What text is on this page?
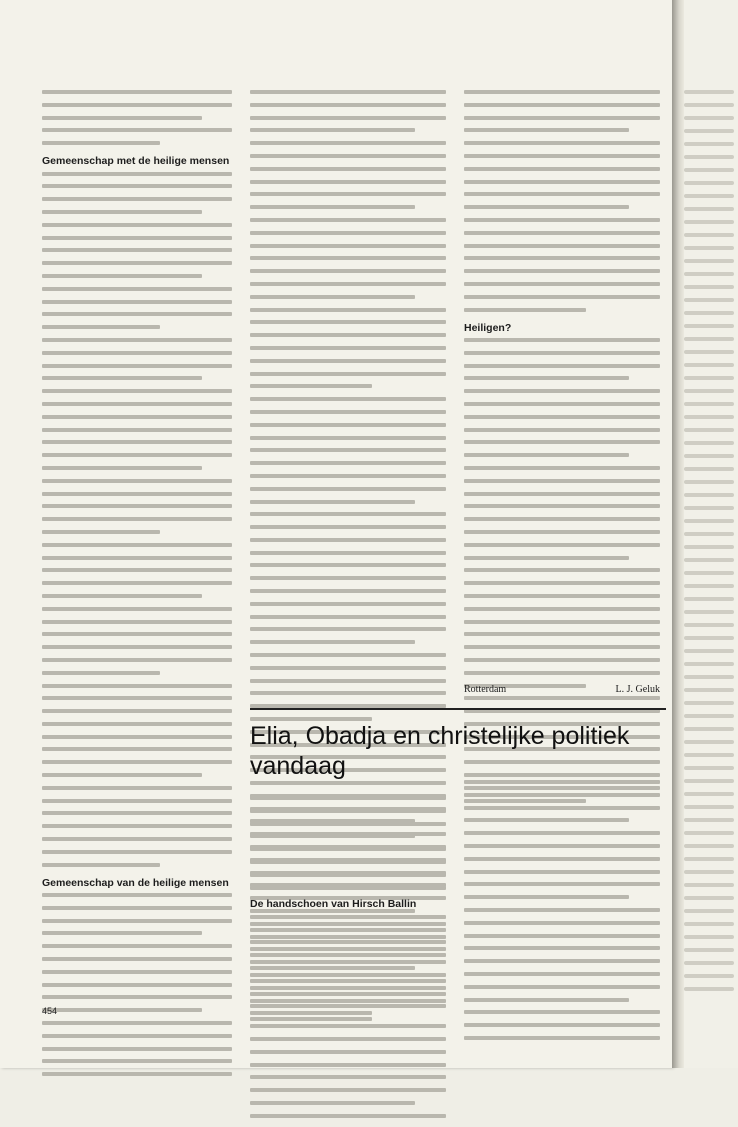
Gemeenschap met de heilige mensen
Gemeenschap van de heilige mensen
Heiligen?
Rotterdam	L. J. Geluk
Elia, Obadja en christelijke politiek vandaag
De handschoen van Hirsch Ballin
454
